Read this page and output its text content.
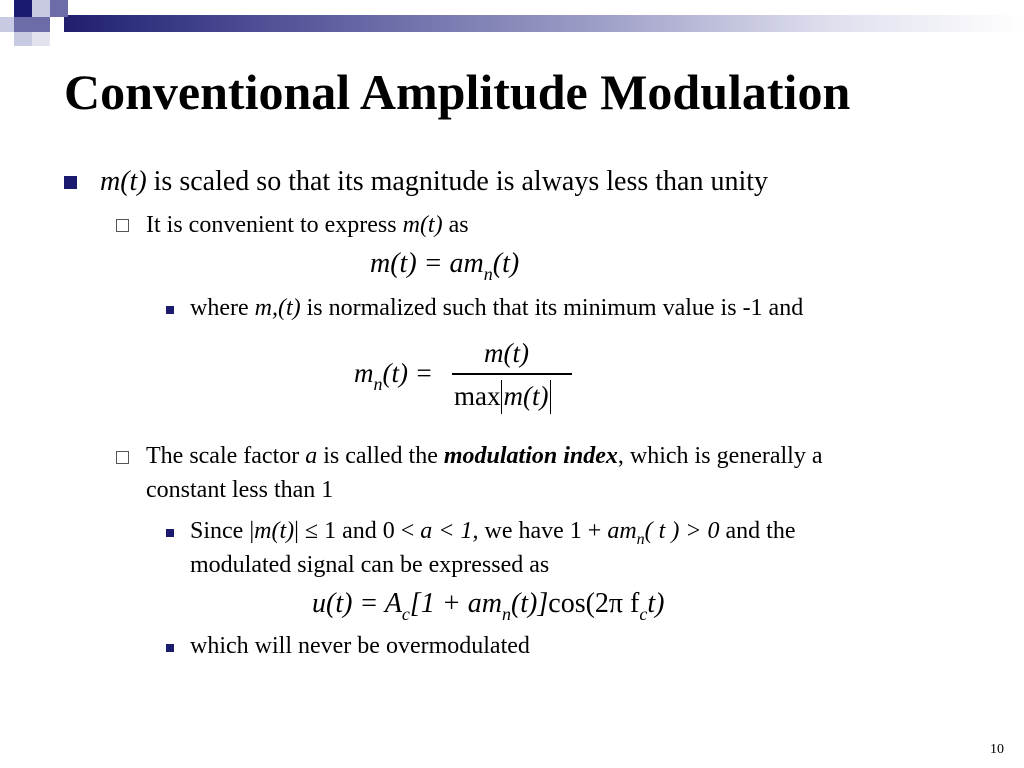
Conventional Amplitude Modulation
m(t) is scaled so that its magnitude is always less than unity
It is convenient to express m(t) as
$m(t) = am_n(t)$
where m,(t) is normalized such that its minimum value is -1 and
$m_n(t)$ =
m(t)
max m(t)
The scale factor a is called the modulation index, which is generally a
constant less than 1
Since |m(t)| ≤ 1 and 0 < a < 1, we have $1 + am_n$( t ) > 0 and the
modulated signal can be expressed as
$u(t) = A_c[1 + am_n(t)]\cos(2\pi$ $f_ct$)
which will never be overmodulated
10
